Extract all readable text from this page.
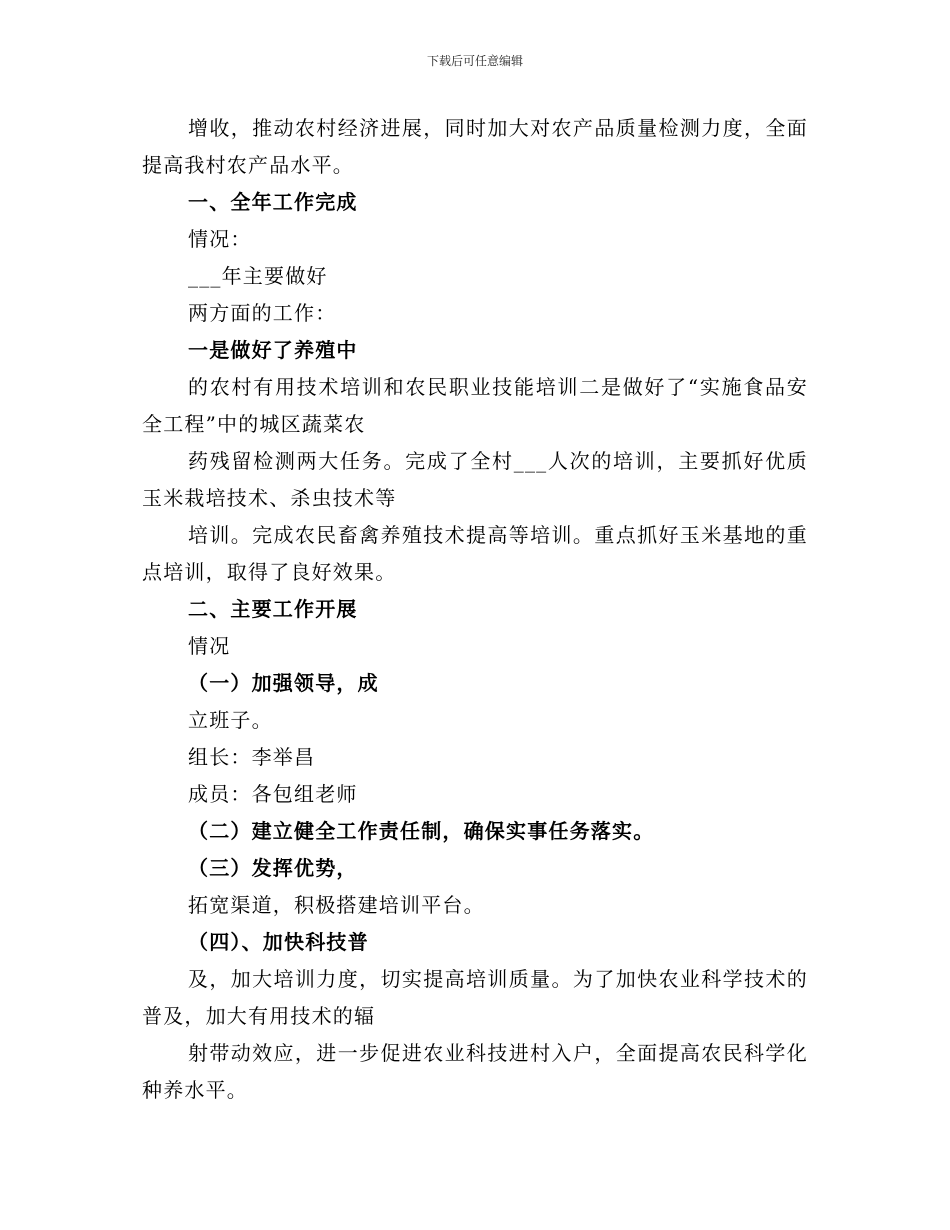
下载后可任意编辑

增收，推动农村经济进展，同时加大对农产品质量检测力度，全面提高我村农产品水平。

一、全年工作完成

情况：

___年主要做好

两方面的工作：

一是做好了养殖中

的农村有用技术培训和农民职业技能培训二是做好了“实施食品安全工程”中的城区蔬菜农

药残留检测两大任务。完成了全村___人次的培训，主要抓好优质玉米栽培技术、杀虫技术等

培训。完成农民畜禽养殖技术提高等培训。重点抓好玉米基地的重点培训，取得了良好效果。

二、主要工作开展

情况

（一）加强领导，成

立班子。

组长：李举昌

成员：各包组老师

（二）建立健全工作责任制，确保实事任务落实。

（三）发挥优势，

拓宽渠道，积极搭建培训平台。

（四）、加快科技普

及，加大培训力度，切实提高培训质量。为了加快农业科学技术的普及，加大有用技术的辐

射带动效应，进一步促进农业科技进村入户，全面提高农民科学化种养水平。
